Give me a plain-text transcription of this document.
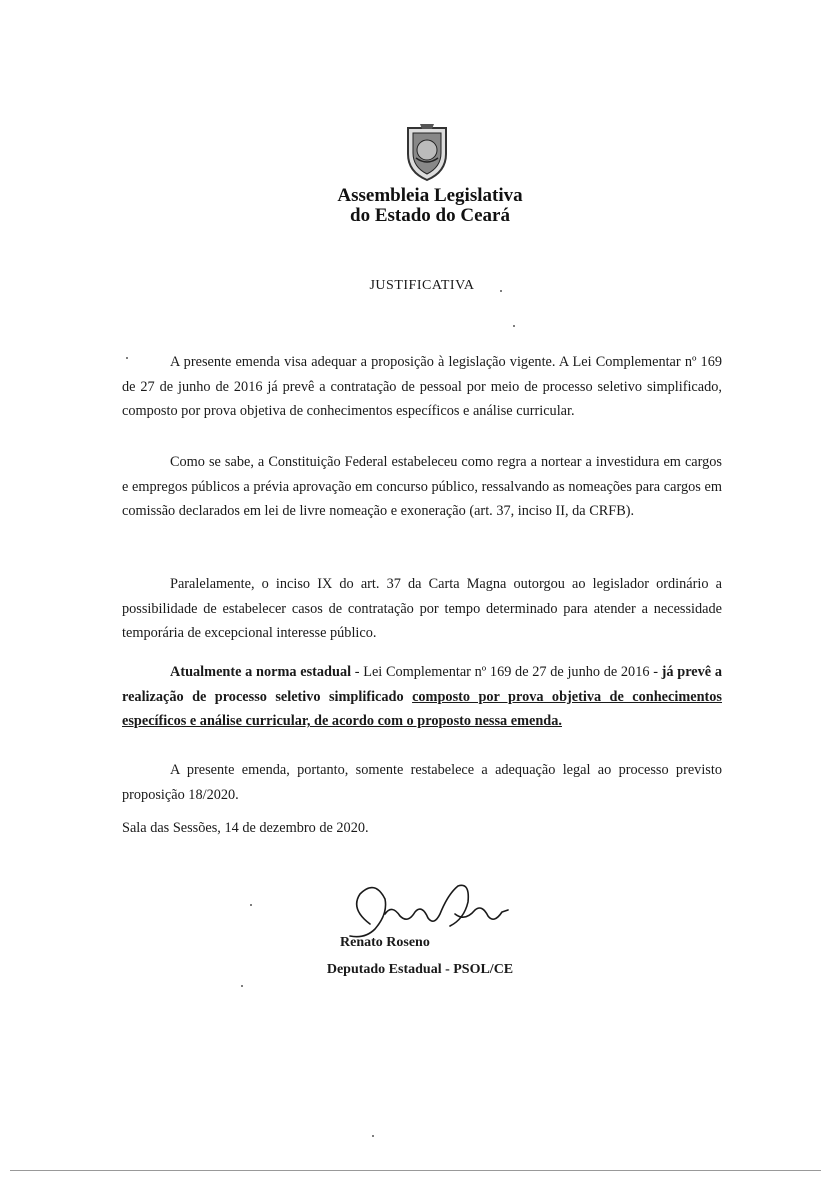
Assembleia Legislativa
do Estado do Ceará
JUSTIFICATIVA
A presente emenda visa adequar a proposição à legislação vigente. A Lei Complementar nº 169 de 27 de junho de 2016 já prevê a contratação de pessoal por meio de processo seletivo simplificado, composto por prova objetiva de conhecimentos específicos e análise curricular.
Como se sabe, a Constituição Federal estabeleceu como regra a nortear a investidura em cargos e empregos públicos a prévia aprovação em concurso público, ressalvando as nomeações para cargos em comissão declarados em lei de livre nomeação e exoneração (art. 37, inciso II, da CRFB).
Paralelamente, o inciso IX do art. 37 da Carta Magna outorgou ao legislador ordinário a possibilidade de estabelecer casos de contratação por tempo determinado para atender a necessidade temporária de excepcional interesse público.
Atualmente a norma estadual - Lei Complementar nº 169 de 27 de junho de 2016 - já prevê a realização de processo seletivo simplificado composto por prova objetiva de conhecimentos específicos e análise curricular, de acordo com o proposto nessa emenda.
A presente emenda, portanto, somente restabelece a adequação legal ao processo previsto proposição 18/2020.
Sala das Sessões, 14 de dezembro de 2020.
Renato Roseno
Deputado Estadual - PSOL/CE
